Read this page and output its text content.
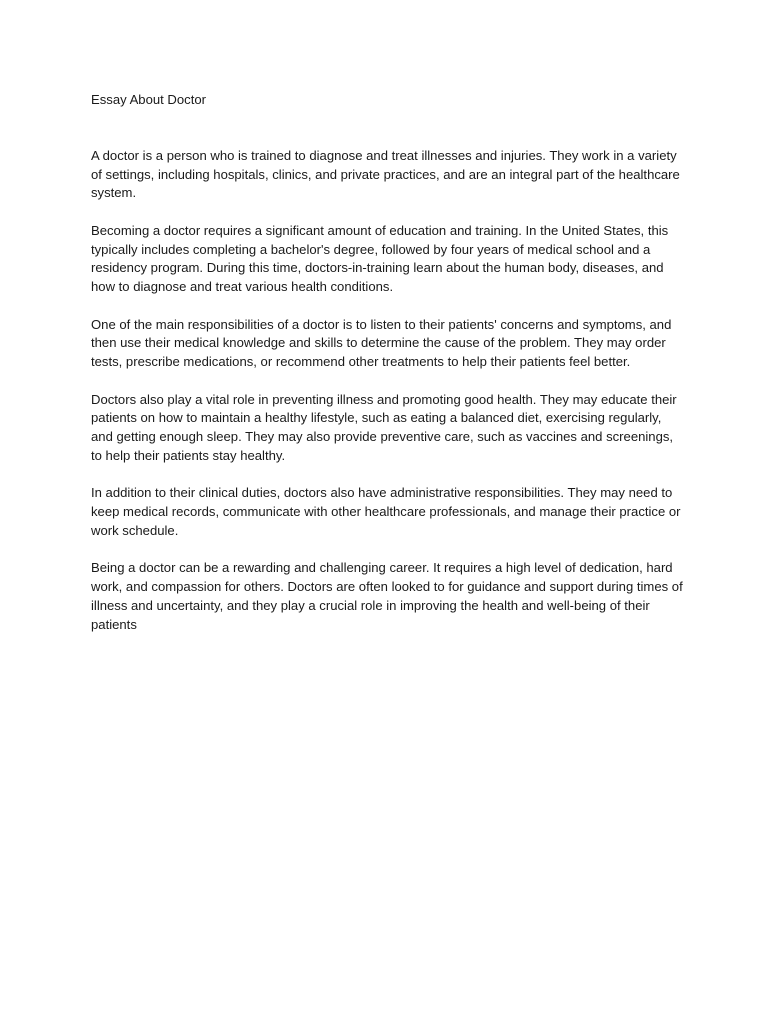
Essay About Doctor

A doctor is a person who is trained to diagnose and treat illnesses and injuries. They work in a variety of settings, including hospitals, clinics, and private practices, and are an integral part of the healthcare system.

Becoming a doctor requires a significant amount of education and training. In the United States, this typically includes completing a bachelor's degree, followed by four years of medical school and a residency program. During this time, doctors-in-training learn about the human body, diseases, and how to diagnose and treat various health conditions.

One of the main responsibilities of a doctor is to listen to their patients' concerns and symptoms, and then use their medical knowledge and skills to determine the cause of the problem. They may order tests, prescribe medications, or recommend other treatments to help their patients feel better.

Doctors also play a vital role in preventing illness and promoting good health. They may educate their patients on how to maintain a healthy lifestyle, such as eating a balanced diet, exercising regularly, and getting enough sleep. They may also provide preventive care, such as vaccines and screenings, to help their patients stay healthy.

In addition to their clinical duties, doctors also have administrative responsibilities. They may need to keep medical records, communicate with other healthcare professionals, and manage their practice or work schedule.

Being a doctor can be a rewarding and challenging career. It requires a high level of dedication, hard work, and compassion for others. Doctors are often looked to for guidance and support during times of illness and uncertainty, and they play a crucial role in improving the health and well-being of their patients
